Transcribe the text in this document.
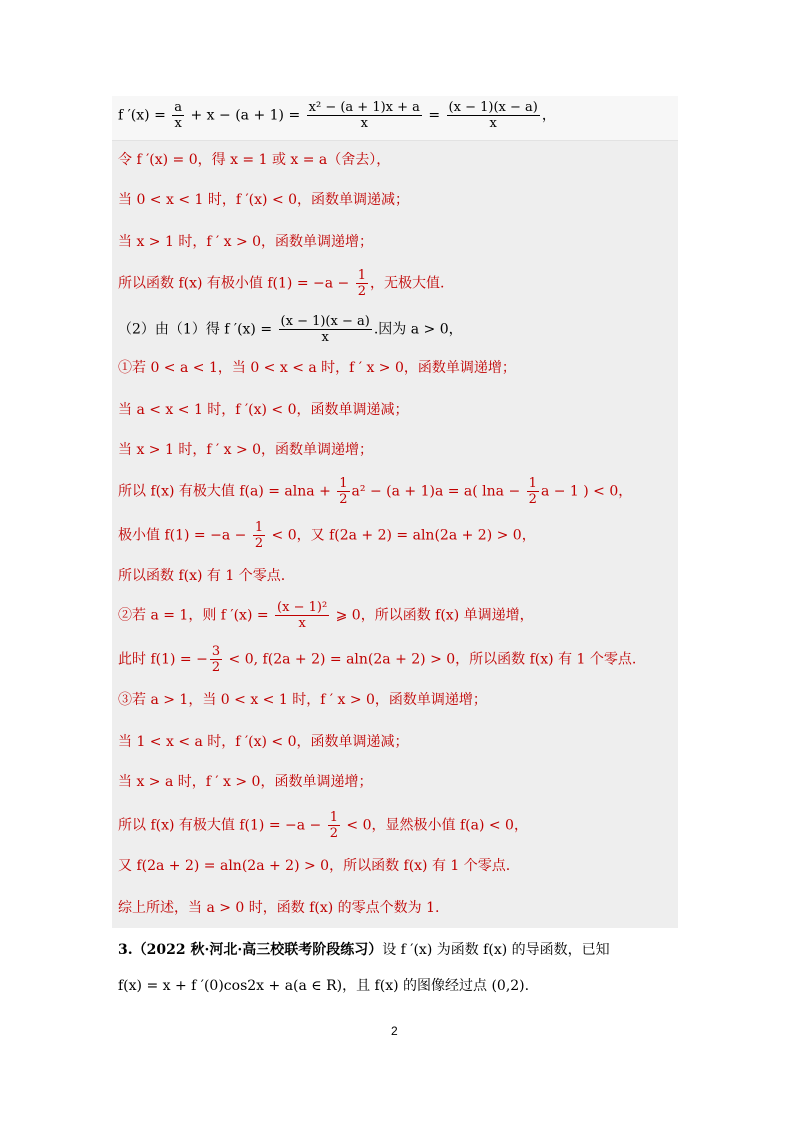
f $'(x) = \frac{a}{x} + x - (a + 1) = \frac{\text{x² − (a + 1)x + a}}{x} = \frac{(x - 1)(x - a)}{x}$ ，
令 f ′(x) = 0，得 x = 1 或 x = a（舍去），
当 0 < x < 1 时，f ′(x) < 0，函数单调递减；
当 x > 1 时，f ′ x > 0，函数单调递增；
所以函数 f(x) 有极小值 $f(1) = -a - \frac{1}{2}$ ，无极大值.
（2）由（1）得 f $'(x) = \frac{(x - 1)(x - a)}{x}$ .因为 a > 0，
①若 0 < a < 1，当 0 < x < a 时，f ′ x > 0，函数单调递增；
当 a < x < 1 时，f ′(x) < 0，函数单调递减；
当 x > 1 时，f ′ x > 0，函数单调递增；
所以 f(x) 有极大值 $f(a) = alna + \frac{1}{2} a^2 - (a + 1)a = a$( $\ln a - \frac{1}{2}$ a − 1 ) < 0，
极小值 $f(1) = -a - \frac{1}{2} < 0$，又 f(2a + 2) = aln(2a + 2) > 0，
所以函数 f(x) 有 1 个零点.
②若 a = 1，则 f $'(x) = \frac{\text{(x − 1)²}}{x}$ ⩾ 0，所以函数 f(x) 单调递增，
此时 f(1) = − $\frac{3}{2} < 0$, f(2a + 2) = aln(2a + 2) > 0，所以函数 f(x) 有 1 个零点.
③若 a > 1，当 0 < x < 1 时，f ′ x > 0，函数单调递增；
当 1 < x < a 时，f ′(x) < 0，函数单调递减；
当 x > a 时，f ′ x > 0，函数单调递增；
所以 f(x) 有极大值 $f(1) = -a - \frac{1}{2} < 0$，显然极小值 f(a) < 0，
又 f(2a + 2) = aln(2a + 2) > 0，所以函数 f(x) 有 1 个零点.
综上所述，当 a > 0 时，函数 f(x) 的零点个数为 1.
3.（2022 秋·河北·高三校联考阶段练习）设 f ′(x) 为函数 f(x) 的导函数，已知
f(x) = x + f ′(0)cos2x + a(a ∈ R)，且 f(x) 的图像经过点 (0,2).
2
